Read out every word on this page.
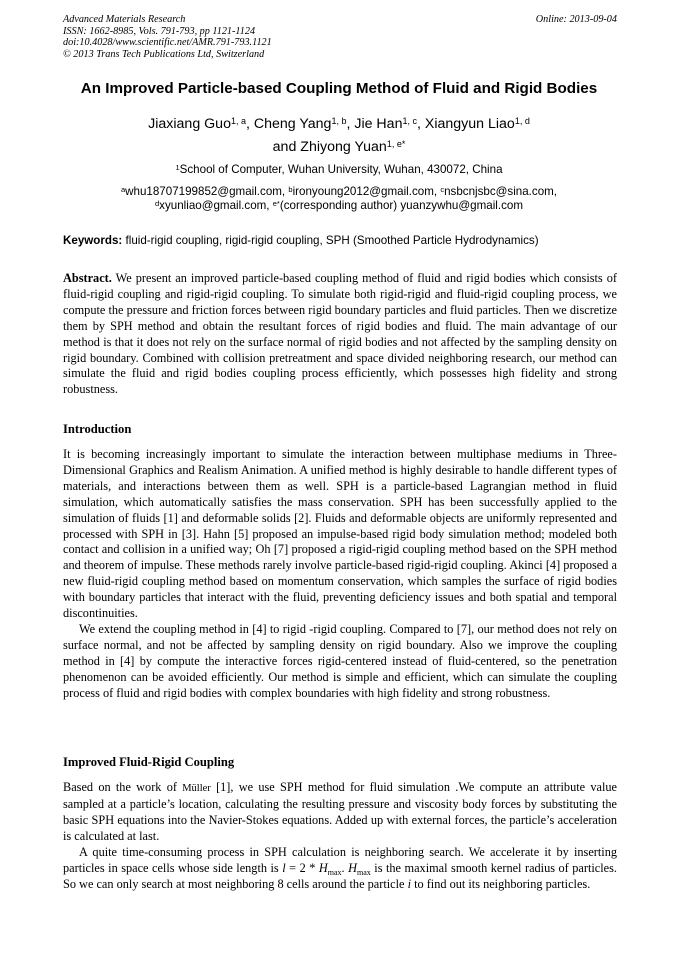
Advanced Materials Research
ISSN: 1662-8985, Vols. 791-793, pp 1121-1124
doi:10.4028/www.scientific.net/AMR.791-793.1121
© 2013 Trans Tech Publications Ltd, Switzerland
Online: 2013-09-04
An Improved Particle-based Coupling Method of Fluid and Rigid Bodies
Jiaxiang Guo$^{1, a}$, Cheng Yang$^{1, b}$, Jie Han$^{1, c}$, Xiangyun Liao$^{1, d}$
and Zhiyong Yuan$^{1, e*}$
$^1$School of Computer, Wuhan University, Wuhan, 430072, China
$^a$whu18707199852@gmail.com, $^b$ironyoung2012@gmail.com, $^c$nsbcnjsbc@sina.com,
$^d$xyunliao@gmail.com, $^{e*}$(corresponding author) yuanzywhu@gmail.com
Keywords: fluid-rigid coupling, rigid-rigid coupling, SPH (Smoothed Particle Hydrodynamics)

Abstract. We present an improved particle-based coupling method of fluid and rigid bodies which consists of fluid-rigid coupling and rigid-rigid coupling. To simulate both rigid-rigid and fluid-rigid coupling process, we compute the pressure and friction forces between rigid boundary particles and fluid particles. Then we discretize them by SPH method and obtain the resultant forces of rigid bodies and fluid. The main advantage of our method is that it does not rely on the surface normal of rigid bodies and not affected by the sampling density on rigid boundary. Combined with collision pretreatment and space divided neighboring research, our method can simulate the fluid and rigid bodies coupling process efficiently, which possesses high fidelity and strong robustness.

Introduction

It is becoming increasingly important to simulate the interaction between multiphase mediums in Three-Dimensional Graphics and Realism Animation. A unified method is highly desirable to handle different types of materials, and interactions between them as well. SPH is a particle-based Lagrangian method in fluid simulation, which automatically satisfies the mass conservation. SPH has been successfully applied to the simulation of fluids [1] and deformable solids [2]. Fluids and deformable objects are uniformly represented and processed with SPH in [3]. Hahn [5] proposed an impulse-based rigid body simulation method; modeled both contact and collision in a unified way; Oh [7] proposed a rigid-rigid coupling method based on the SPH method and theorem of impulse. These methods rarely involve particle-based rigid-rigid coupling. Akinci [4] proposed a new fluid-rigid coupling method based on momentum conservation, which samples the surface of rigid bodies with boundary particles that interact with the fluid, preventing deficiency issues and both spatial and temporal discontinuities.

We extend the coupling method in [4] to rigid -rigid coupling. Compared to [7], our method does not rely on surface normal, and not be affected by sampling density on rigid boundary. Also we improve the coupling method in [4] by compute the interactive forces rigid-centered instead of fluid-centered, so the penetration phenomenon can be avoided efficiently. Our method is simple and efficient, which can simulate the coupling process of fluid and rigid bodies with complex boundaries with high fidelity and strong robustness.

Improved Fluid-Rigid Coupling

Based on the work of Müller [1], we use SPH method for fluid simulation .We compute an attribute value sampled at a particle’s location, calculating the resulting pressure and viscosity body forces by substituting the basic SPH equations into the Navier-Stokes equations. Added up with external forces, the particle’s acceleration is calculated at last.

A quite time-consuming process in SPH calculation is neighboring search. We accelerate it by inserting particles in space cells whose side length is $l = 2 * H_{max}$. $H_{max}$ is the maximal smooth kernel radius of particles. So we can only search at most neighboring 8 cells around the particle i to find out its neighboring particles.
